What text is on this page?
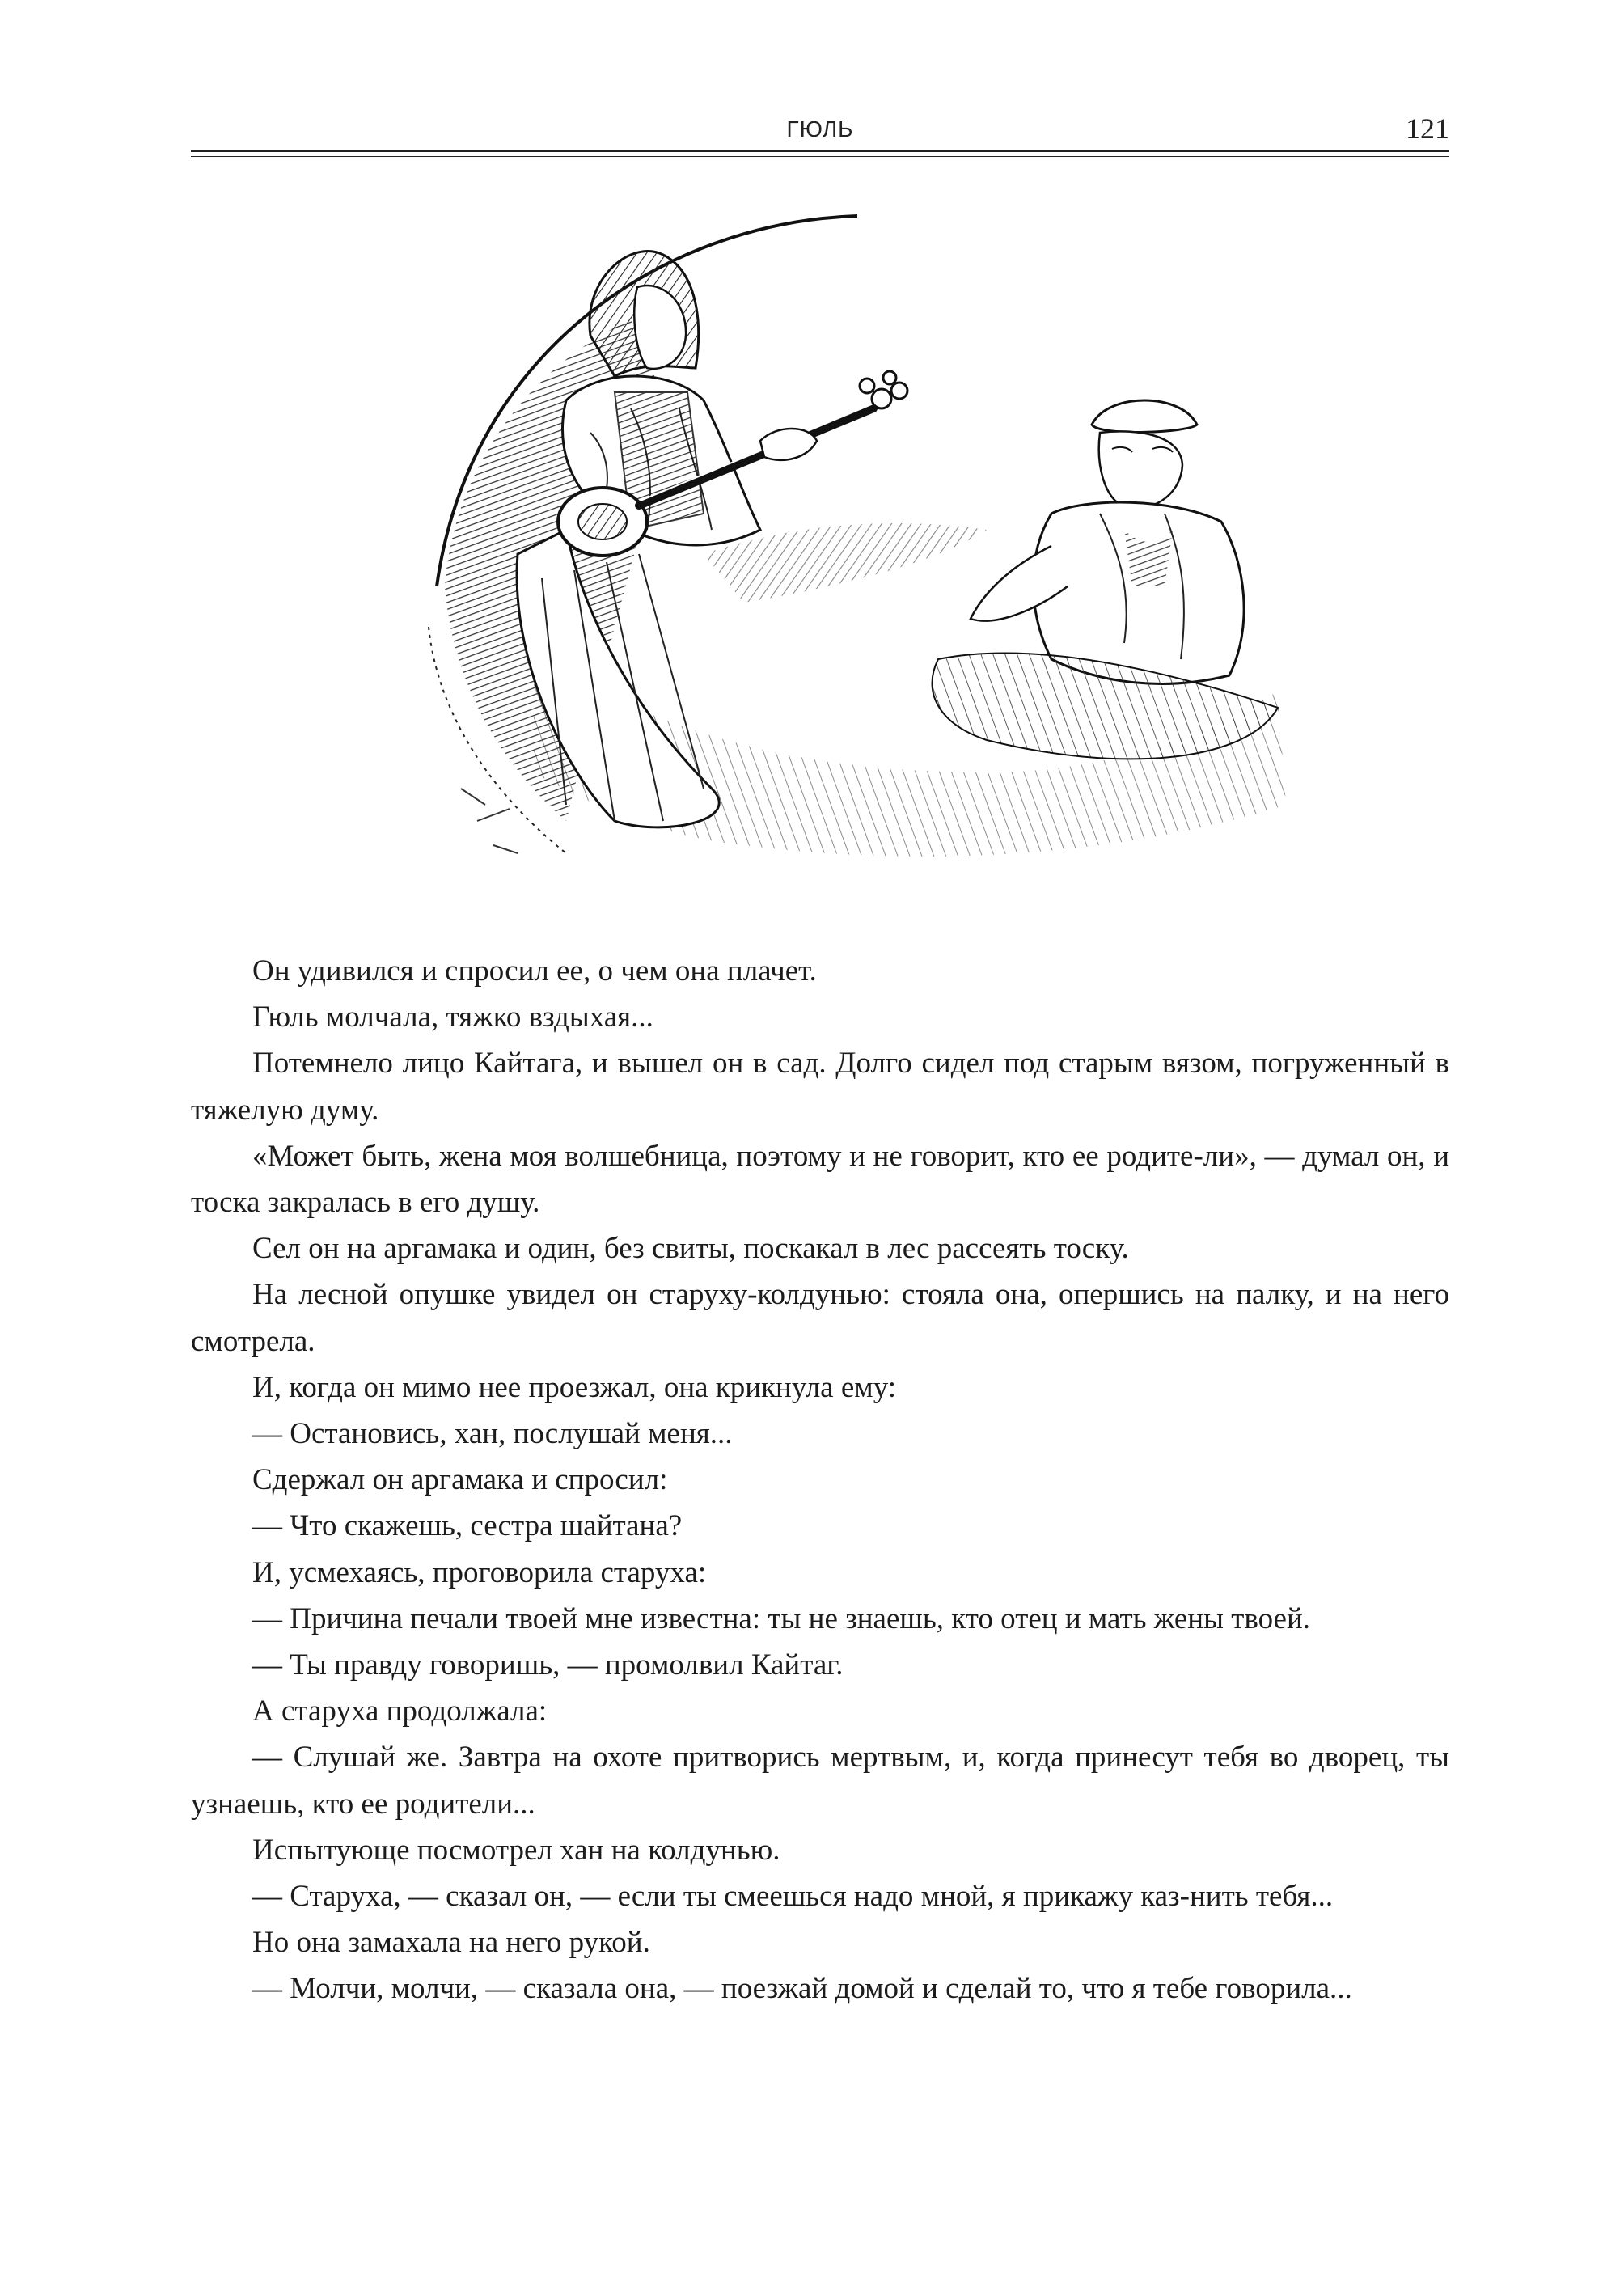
ГЮЛЬ	121

Он удивился и спросил ее, о чем она плачет.

Гюль молчала, тяжко вздыхая...

Потемнело лицо Кайтага, и вышел он в сад. Долго сидел под старым вязом, погруженный в тяжелую думу.

«Может быть, жена моя волшебница, поэтому и не говорит, кто ее родите-ли», — думал он, и тоска закралась в его душу.

Сел он на аргамака и один, без свиты, поскакал в лес рассеять тоску.

На лесной опушке увидел он старуху-колдунью: стояла она, опершись на палку, и на него смотрела.

И, когда он мимо нее проезжал, она крикнула ему:

— Остановись, хан, послушай меня...

Сдержал он аргамака и спросил:

— Что скажешь, сестра шайтана?

И, усмехаясь, проговорила старуха:

— Причина печали твоей мне известна: ты не знаешь, кто отец и мать жены твоей.

— Ты правду говоришь, — промолвил Кайтаг.

А старуха продолжала:

— Слушай же. Завтра на охоте притворись мертвым, и, когда принесут тебя во дворец, ты узнаешь, кто ее родители...

Испытующе посмотрел хан на колдунью.

— Старуха, — сказал он, — если ты смеешься надо мной, я прикажу каз-нить тебя...

Но она замахала на него рукой.

— Молчи, молчи, — сказала она, — поезжай домой и сделай то, что я тебе говорила...
